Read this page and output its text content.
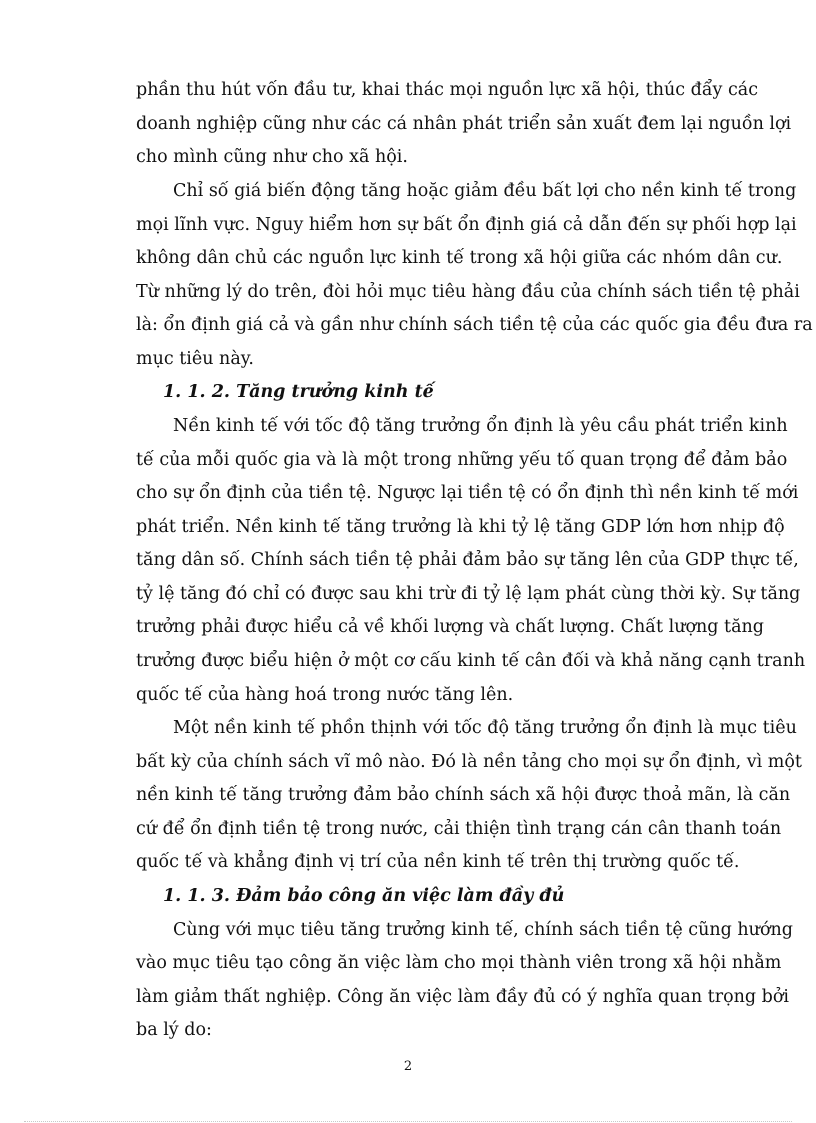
phần thu hút vốn đầu tư, khai thác mọi nguồn lực xã hội, thúc đẩy các
doanh nghiệp cũng như các cá nhân phát triển sản xuất đem lại nguồn lợi
cho mình cũng như cho xã hội.
Chỉ số giá biến động tăng hoặc giảm đều bất lợi cho nền kinh tế trong
mọi lĩnh vực. Nguy hiểm hơn sự bất ổn định giá cả dẫn đến sự phối hợp lại
không dân chủ các nguồn lực kinh tế trong xã hội giữa các nhóm dân cư.
Từ những lý do trên, đòi hỏi mục tiêu hàng đầu của chính sách tiền tệ phải
là: ổn định giá cả và gần như chính sách tiền tệ của các quốc gia đều đưa ra
mục tiêu này.
1. 1. 2. Tăng trưởng kinh tế
Nền kinh tế với tốc độ tăng trưởng ổn định là yêu cầu phát triển kinh
tế của mỗi quốc gia và là một trong những yếu tố quan trọng để đảm bảo
cho sự ổn định của tiền tệ. Ngược lại tiền tệ có ổn định thì nền kinh tế mới
phát triển. Nền kinh tế tăng trưởng là khi tỷ lệ tăng GDP lớn hơn nhịp độ
tăng dân số. Chính sách tiền tệ phải đảm bảo sự tăng lên của GDP thực tế,
tỷ lệ tăng đó chỉ có được sau khi trừ đi tỷ lệ lạm phát cùng thời kỳ. Sự tăng
trưởng phải được hiểu cả về khối lượng và chất lượng. Chất lượng tăng
trưởng được biểu hiện ở một cơ cấu kinh tế cân đối và khả năng cạnh tranh
quốc tế của hàng hoá trong nước tăng lên.
Một nền kinh tế phồn thịnh với tốc độ tăng trưởng ổn định là mục tiêu
bất kỳ của chính sách vĩ mô nào. Đó là nền tảng cho mọi sự ổn định, vì một
nền kinh tế tăng trưởng đảm bảo chính sách xã hội được thoả mãn, là căn
cứ để ổn định tiền tệ trong nước, cải thiện tình trạng cán cân thanh toán
quốc tế và khẳng định vị trí của nền kinh tế trên thị trường quốc tế.
1. 1. 3. Đảm bảo công ăn việc làm đầy đủ
Cùng với mục tiêu tăng trưởng kinh tế, chính sách tiền tệ cũng hướng
vào mục tiêu tạo công ăn việc làm cho mọi thành viên trong xã hội nhằm
làm giảm thất nghiệp. Công ăn việc làm đầy đủ có ý nghĩa quan trọng bởi
ba lý do:
2
